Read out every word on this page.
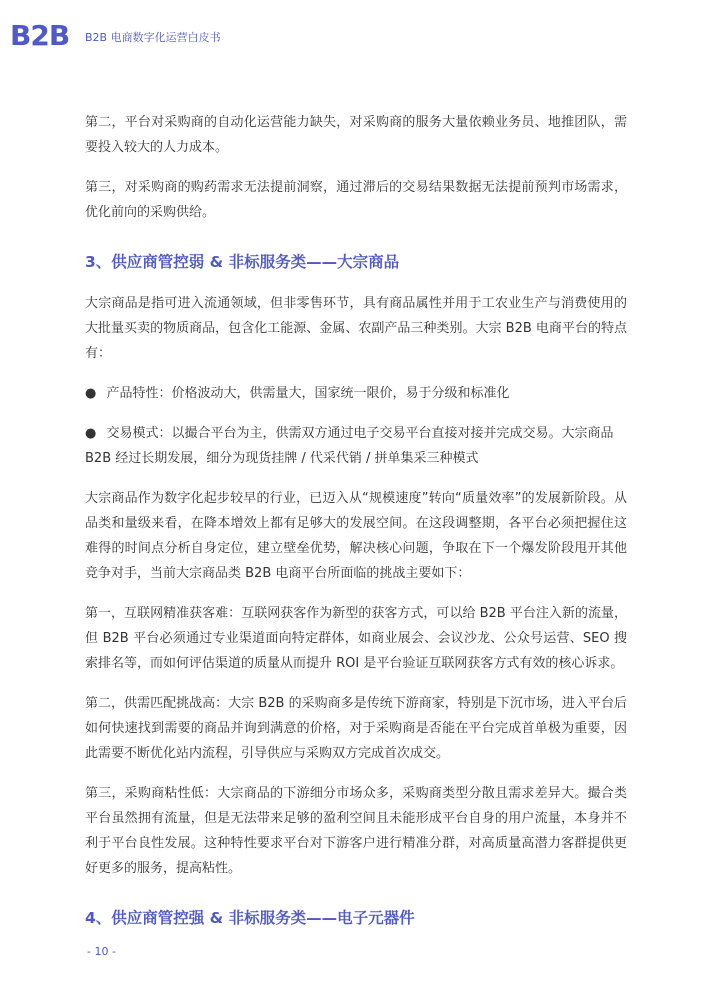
B2B B2B 电商数字化运营白皮书

第二，平台对采购商的自动化运营能力缺失，对采购商的服务大量依赖业务员、地推团队，需要投入较大的人力成本。

第三，对采购商的购药需求无法提前洞察，通过滞后的交易结果数据无法提前预判市场需求，优化前向的采购供给。

3、供应商管控弱 & 非标服务类——大宗商品

大宗商品是指可进入流通领域，但非零售环节，具有商品属性并用于工农业生产与消费使用的大批量买卖的物质商品，包含化工能源、金属、农副产品三种类别。大宗 B2B 电商平台的特点有：

● 产品特性：价格波动大，供需量大，国家统一限价，易于分级和标准化
● 交易模式：以撮合平台为主，供需双方通过电子交易平台直接对接并完成交易。大宗商品 B2B 经过长期发展，细分为现货挂牌 / 代采代销 / 拼单集采三种模式

大宗商品作为数字化起步较早的行业，已迈入从“规模速度”转向“质量效率”的发展新阶段。从品类和量级来看，在降本增效上都有足够大的发展空间。在这段调整期，各平台必须把握住这难得的时间点分析自身定位，建立壁垒优势，解决核心问题，争取在下一个爆发阶段甩开其他竞争对手，当前大宗商品类 B2B 电商平台所面临的挑战主要如下：

第一，互联网精准获客难：互联网获客作为新型的获客方式，可以给 B2B 平台注入新的流量，但 B2B 平台必须通过专业渠道面向特定群体，如商业展会、会议沙龙、公众号运营、SEO 搜索排名等，而如何评估渠道的质量从而提升 ROI 是平台验证互联网获客方式有效的核心诉求。

第二，供需匹配挑战高：大宗 B2B 的采购商多是传统下游商家，特别是下沉市场，进入平台后如何快速找到需要的商品并询到满意的价格，对于采购商是否能在平台完成首单极为重要，因此需要不断优化站内流程，引导供应与采购双方完成首次成交。

第三，采购商粘性低：大宗商品的下游细分市场众多，采购商类型分散且需求差异大。撮合类平台虽然拥有流量，但是无法带来足够的盈利空间且未能形成平台自身的用户流量，本身并不利于平台良性发展。这种特性要求平台对下游客户进行精准分群，对高质量高潜力客群提供更好更多的服务，提高粘性。

4、供应商管控强 & 非标服务类——电子元器件
- 10 -
